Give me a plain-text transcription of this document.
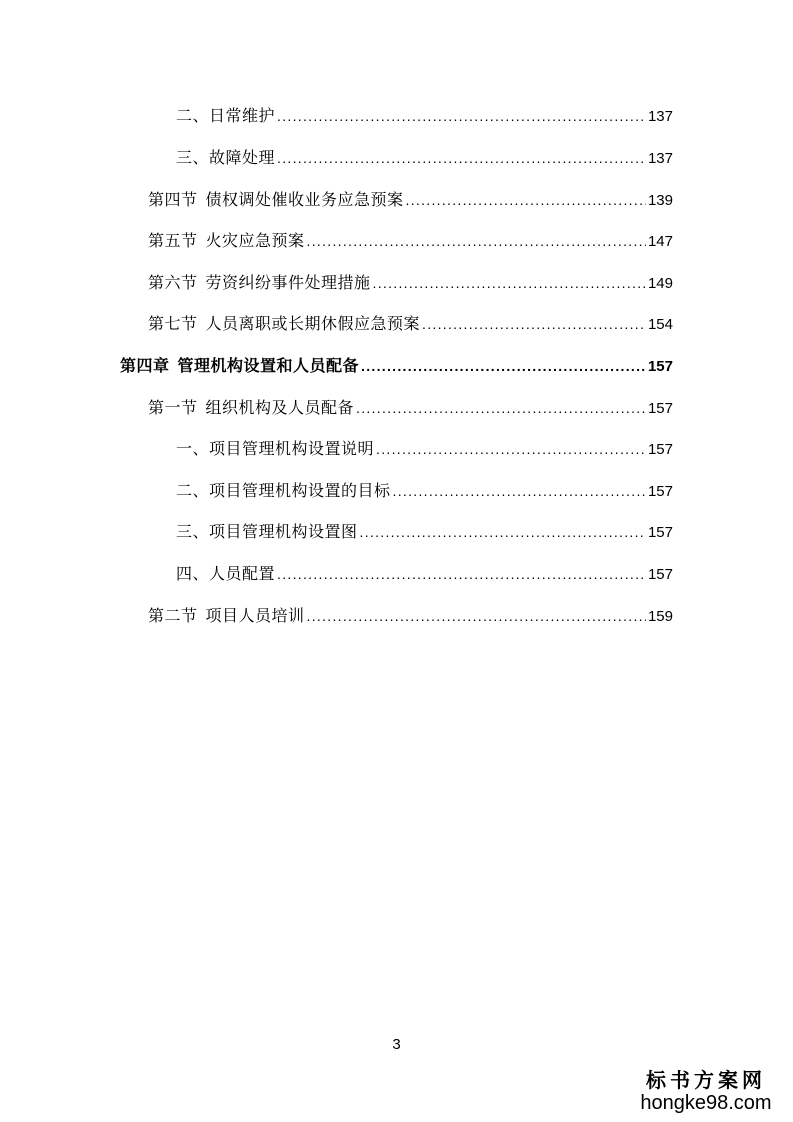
二、日常维护 .....	137
三、故障处理 .....	137
第四节 债权调处催收业务应急预案 .....	139
第五节 火灾应急预案 .....	147
第六节 劳资纠纷事件处理措施 .....	149
第七节 人员离职或长期休假应急预案 .....	154
第四章 管理机构设置和人员配备 .....	157
第一节 组织机构及人员配备 .....	157
一、项目管理机构设置说明 .....	157
二、项目管理机构设置的目标 .....	157
三、项目管理机构设置图 .....	157
四、人员配置 .....	157
第二节 项目人员培训 .....	159
3
标书方案网
hongke98.com
